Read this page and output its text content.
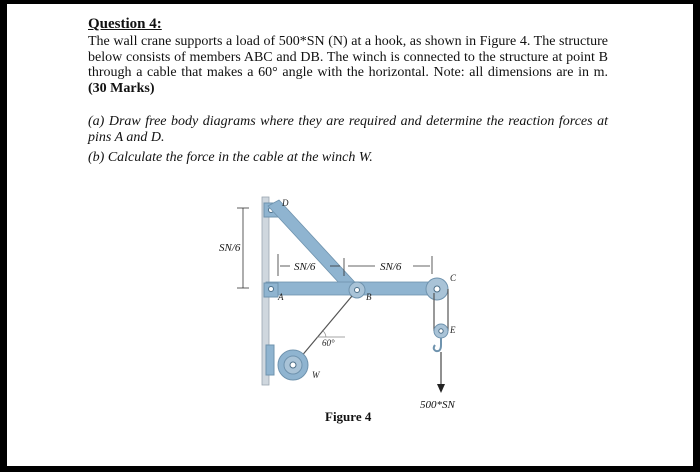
Question 4:
The wall crane supports a load of 500*SN (N) at a hook, as shown in Figure 4. The structure below consists of members ABC and DB. The winch is connected to the structure at point B through a cable that makes a 60° angle with the horizontal. Note: all dimensions are in m. (30 Marks)
(a) Draw free body diagrams where they are required and determine the reaction forces at pins A and D.
(b) Calculate the force in the cable at the winch W.
SN/6
SN/6	SN/6
500*SN
D
A	B
C
E
W
60°
Figure 4
